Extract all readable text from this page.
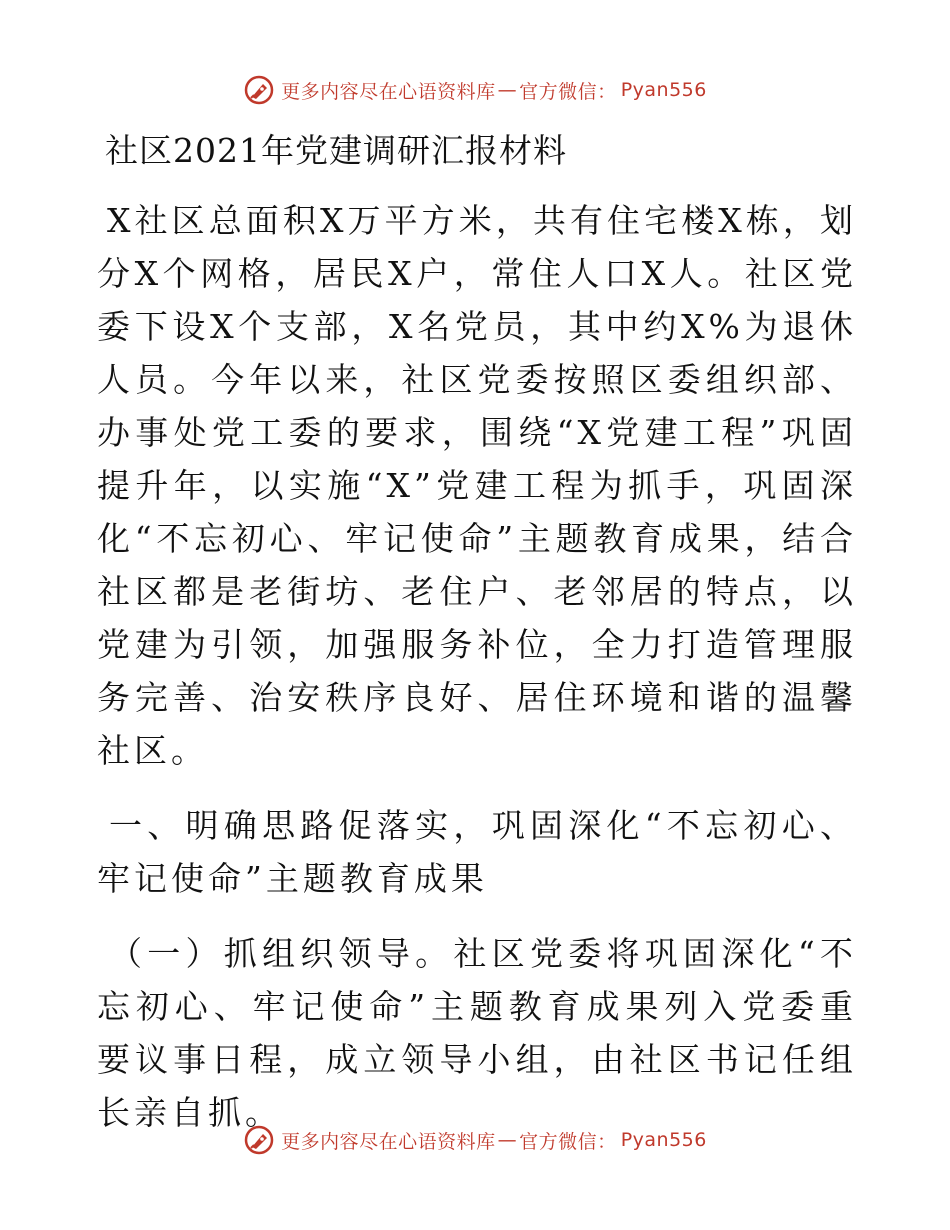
更多内容尽在心语资料库 — 官方微信： Pyan556
社区2021年党建调研汇报材料

X社区总面积X万平方米，共有住宅楼X栋，划分X个网格，居民X户，常住人口X人。社区党委下设X个支部，X名党员，其中约X%为退休人员。今年以来，社区党委按照区委组织部、办事处党工委的要求，围绕“X党建工程”巩固提升年，以实施“X”党建工程为抓手，巩固深化“不忘初心、牢记使命”主题教育成果，结合社区都是老街坊、老住户、老邻居的特点，以党建为引领，加强服务补位，全力打造管理服务完善、治安秩序良好、居住环境和谐的温馨社区。

一、明确思路促落实，巩固深化“不忘初心、牢记使命”主题教育成果

（一）抓组织领导。社区党委将巩固深化“不忘初心、牢记使命”主题教育成果列入党委重要议事日程，成立领导小组，由社区书记任组长亲自抓。

更多内容尽在心语资料库 — 官方微信： Pyan556
